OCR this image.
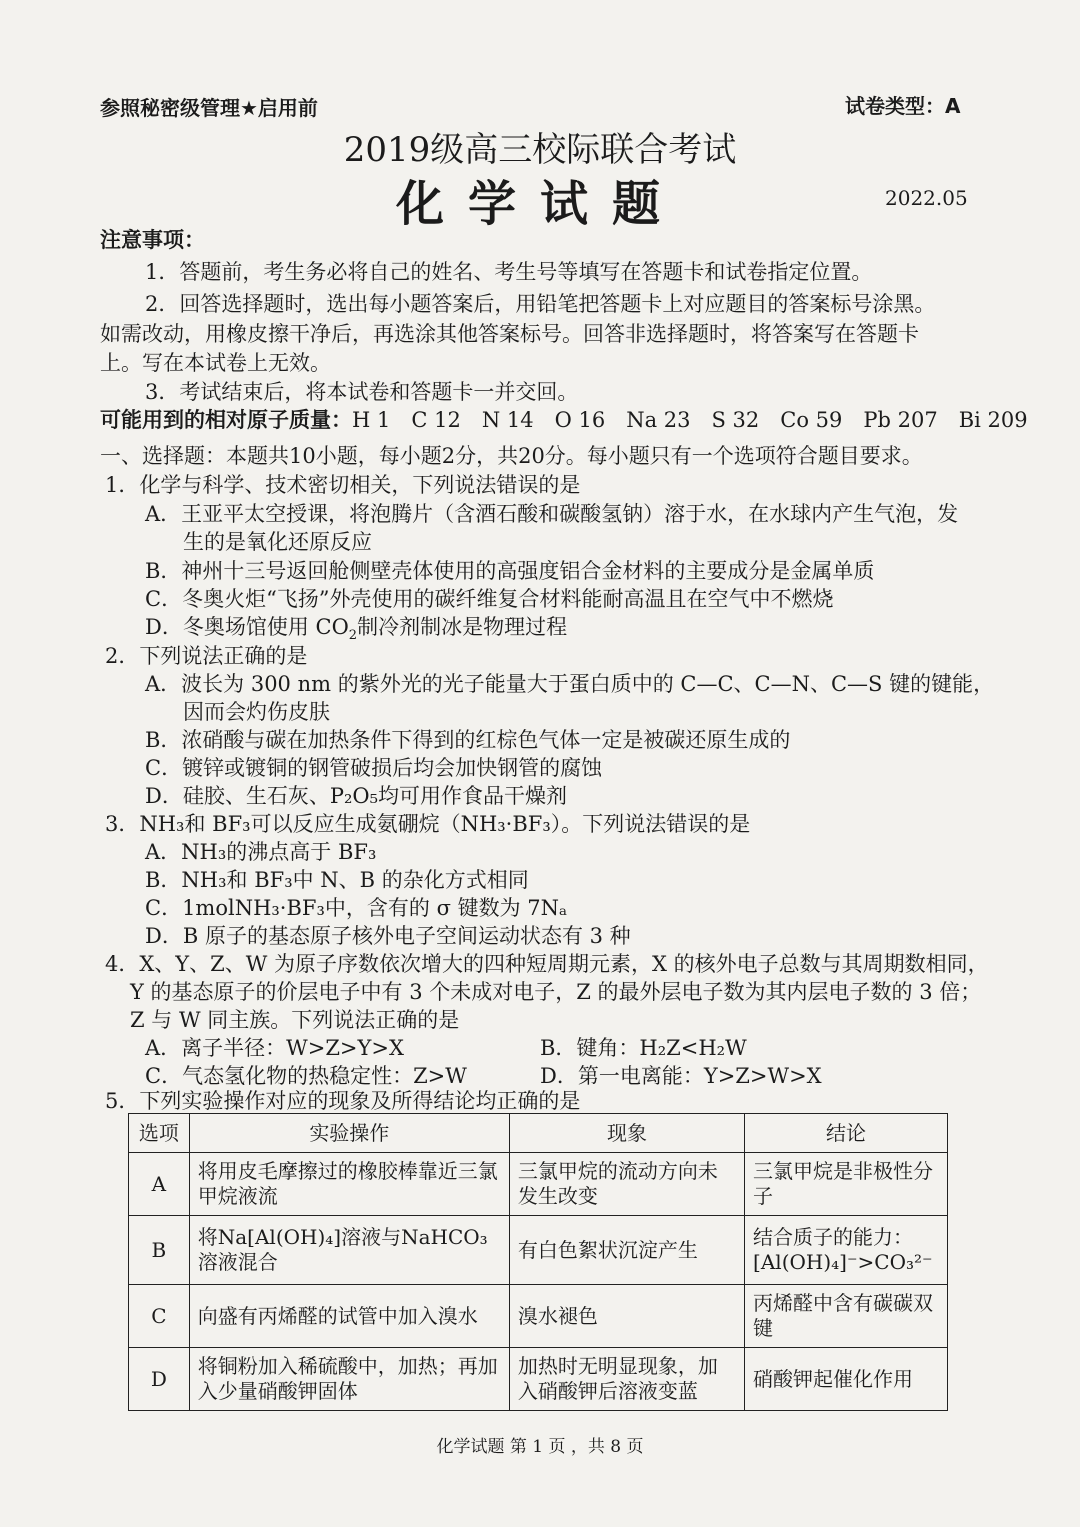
参照秘密级管理★启用前	试卷类型：A
2019级高三校际联合考试
化学试题	2022.05
注意事项：
1．答题前，考生务必将自己的姓名、考生号等填写在答题卡和试卷指定位置。
2．回答选择题时，选出每小题答案后，用铅笔把答题卡上对应题目的答案标号涂黑。
如需改动，用橡皮擦干净后，再选涂其他答案标号。回答非选择题时，将答案写在答题卡
上。写在本试卷上无效。
3．考试结束后，将本试卷和答题卡一并交回。
可能用到的相对原子质量：H 1　C 12　N 14　O 16　Na 23　S 32　Co 59　Pb 207　Bi 209
一、选择题：本题共10小题，每小题2分，共20分。每小题只有一个选项符合题目要求。
1．化学与科学、技术密切相关，下列说法错误的是
A．王亚平太空授课，将泡腾片（含酒石酸和碳酸氢钠）溶于水，在水球内产生气泡，发
生的是氧化还原反应
B．神州十三号返回舱侧壁壳体使用的高强度铝合金材料的主要成分是金属单质
C．冬奥火炬“飞扬”外壳使用的碳纤维复合材料能耐高温且在空气中不燃烧
D．冬奥场馆使用 $CO_2$制冷剂制冰是物理过程
2．下列说法正确的是
A．波长为 300 nm 的紫外光的光子能量大于蛋白质中的 C—C、C—N、C—S 键的键能，
因而会灼伤皮肤
B．浓硝酸与碳在加热条件下得到的红棕色气体一定是被碳还原生成的
C．镀锌或镀铜的钢管破损后均会加快钢管的腐蚀
D．硅胶、生石灰、P₂O₅均可用作食品干燥剂
3．NH₃和 BF₃可以反应生成氨硼烷（NH₃·BF₃）。下列说法错误的是
A．NH₃的沸点高于 BF₃
B．NH₃和 BF₃中 N、B 的杂化方式相同
C．1molNH₃·BF₃中，含有的 σ 键数为 7Nₐ
D．B 原子的基态原子核外电子空间运动状态有 3 种
4．X、Y、Z、W 为原子序数依次增大的四种短周期元素，X 的核外电子总数与其周期数相同，
Y 的基态原子的价层电子中有 3 个未成对电子，Z 的最外层电子数为其内层电子数的 3 倍；
Z 与 W 同主族。下列说法正确的是
A．离子半径：W>Z>Y>X	B．键角：H₂Z<H₂W
C．气态氢化物的热稳定性：Z>W	D．第一电离能：Y>Z>W>X
5．下列实验操作对应的现象及所得结论均正确的是
选项	实验操作	现象	结论
A	将用皮毛摩擦过的橡胶棒靠近三氯甲烷液流	三氯甲烷的流动方向未发生改变	三氯甲烷是非极性分子
B	将Na[Al(OH)₄]溶液与NaHCO₃溶液混合	有白色絮状沉淀产生	结合质子的能力：[Al(OH)₄]⁻>CO₃²⁻
C	向盛有丙烯醛的试管中加入溴水	溴水褪色	丙烯醛中含有碳碳双键
D	将铜粉加入稀硫酸中，加热；再加入少量硝酸钾固体	加热时无明显现象，加入硝酸钾后溶液变蓝	硝酸钾起催化作用
化学试题 第 1 页 ，共 8 页
